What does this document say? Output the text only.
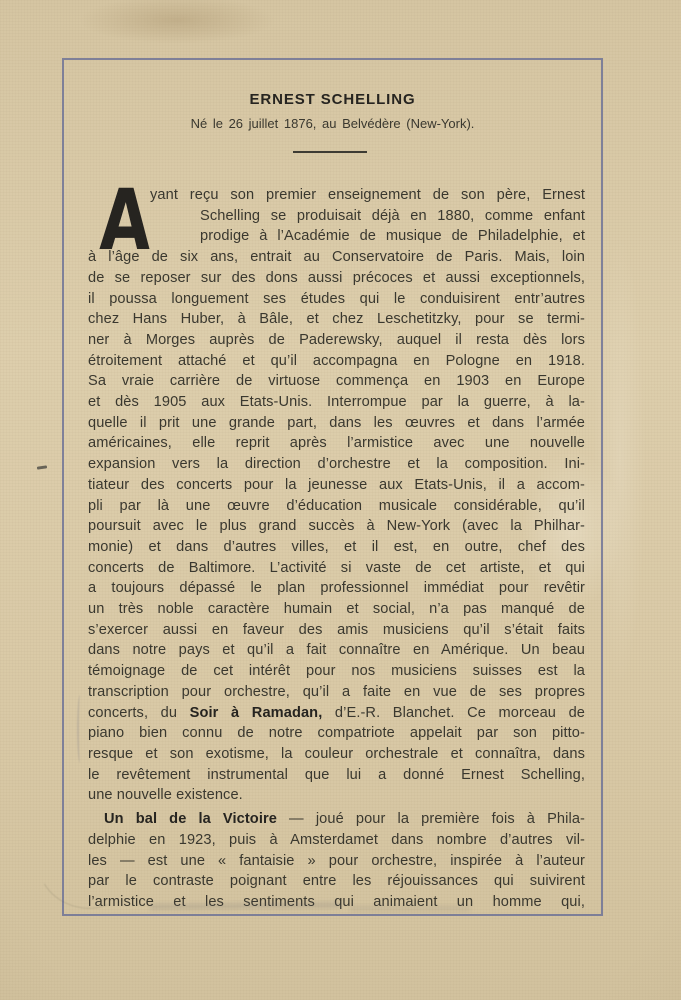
ERNEST SCHELLING
Né le 26 juillet 1876, au Belvédère (New-York).
A
yant reçu son premier enseignement de son père, Ernest
Schelling se produisait déjà en 1880, comme enfant
prodige à l’Académie de musique de Philadelphie, et
à l’âge de six ans, entrait au Conservatoire de Paris. Mais, loin
de se reposer sur des dons aussi précoces et aussi exceptionnels,
il poussa longuement ses études qui le conduisirent entr’autres
chez Hans Huber, à Bâle, et chez Leschetitzky, pour se termi-
ner à Morges auprès de Paderewsky, auquel il resta dès lors
étroitement attaché et qu’il accompagna en Pologne en 1918.
Sa vraie carrière de virtuose commença en 1903 en Europe
et dès 1905 aux Etats-Unis. Interrompue par la guerre, à la-
quelle il prit une grande part, dans les œuvres et dans l’armée
américaines, elle reprit après l’armistice avec une nouvelle
expansion vers la direction d’orchestre et la composition. Ini-
tiateur des concerts pour la jeunesse aux Etats-Unis, il a accom-
pli par là une œuvre d’éducation musicale considérable, qu’il
poursuit avec le plus grand succès à New-York (avec la Philhar-
monie) et dans d’autres villes, et il est, en outre, chef des
concerts de Baltimore. L’activité si vaste de cet artiste, et qui
a toujours dépassé le plan professionnel immédiat pour revêtir
un très noble caractère humain et social, n’a pas manqué de
s’exercer aussi en faveur des amis musiciens qu’il s’était faits
dans notre pays et qu’il a fait connaître en Amérique. Un beau
témoignage de cet intérêt pour nos musiciens suisses est la
transcription pour orchestre, qu’il a faite en vue de ses propres
concerts, du Soir à Ramadan, d’E.-R. Blanchet. Ce morceau de
piano bien connu de notre compatriote appelait par son pitto-
resque et son exotisme, la couleur orchestrale et connaîtra, dans
le revêtement instrumental que lui a donné Ernest Schelling,
une nouvelle existence.
Un bal de la Victoire — joué pour la première fois à Phila-
delphie en 1923, puis à Amsterdamet dans nombre d’autres vil-
les — est une « fantaisie » pour orchestre, inspirée à l’auteur
par le contraste poignant entre les réjouissances qui suivirent
l’armistice et les sentiments qui animaient un homme qui,
